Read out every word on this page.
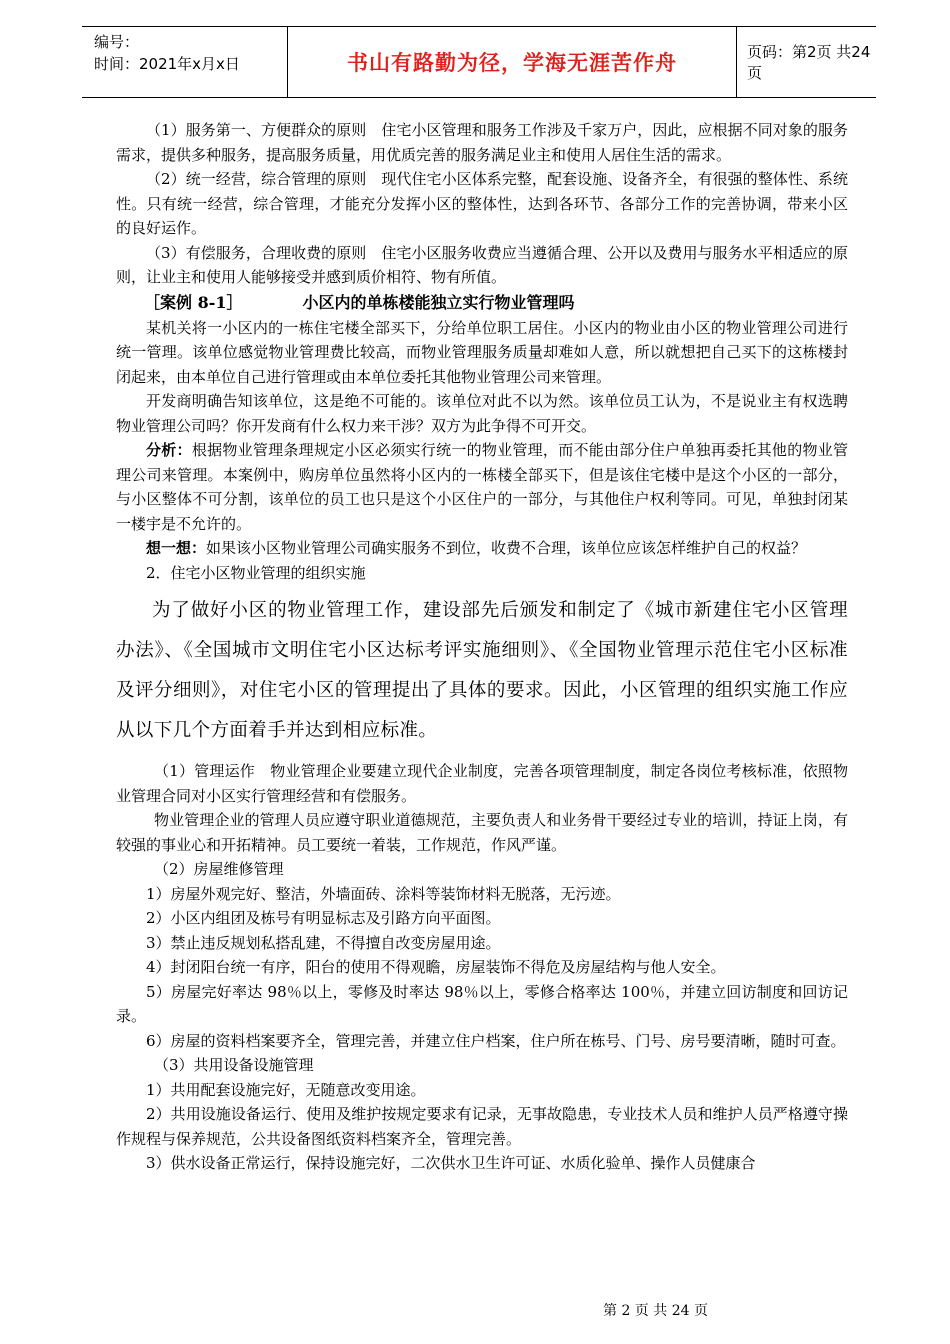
编号：
时间：2021年x月x日	书山有路勤为径，学海无涯苦作舟	页码：第2页 共24页

（1）服务第一、方便群众的原则　住宅小区管理和服务工作涉及千家万户，因此，应根据不同对象的服务需求，提供多种服务，提高服务质量，用优质完善的服务满足业主和使用人居住生活的需求。

（2）统一经营，综合管理的原则　现代住宅小区体系完整，配套设施、设备齐全，有很强的整体性、系统性。只有统一经营，综合管理，才能充分发挥小区的整体性，达到各环节、各部分工作的完善协调，带来小区的良好运作。

（3）有偿服务，合理收费的原则　住宅小区服务收费应当遵循合理、公开以及费用与服务水平相适应的原则，让业主和使用人能够接受并感到质价相符、物有所值。

［案例 8-1］	小区内的单栋楼能独立实行物业管理吗

某机关将一小区内的一栋住宅楼全部买下，分给单位职工居住。小区内的物业由小区的物业管理公司进行统一管理。该单位感觉物业管理费比较高，而物业管理服务质量却难如人意，所以就想把自己买下的这栋楼封闭起来，由本单位自己进行管理或由本单位委托其他物业管理公司来管理。

开发商明确告知该单位，这是绝不可能的。该单位对此不以为然。该单位员工认为，不是说业主有权选聘物业管理公司吗？你开发商有什么权力来干涉？双方为此争得不可开交。

分析：根据物业管理条理规定小区必须实行统一的物业管理，而不能由部分住户单独再委托其他的物业管理公司来管理。本案例中，购房单位虽然将小区内的一栋楼全部买下，但是该住宅楼中是这个小区的一部分，与小区整体不可分割，该单位的员工也只是这个小区住户的一部分，与其他住户权利等同。可见，单独封闭某一楼宇是不允许的。

想一想：如果该小区物业管理公司确实服务不到位，收费不合理，该单位应该怎样维护自己的权益？

2．住宅小区物业管理的组织实施

为了做好小区的物业管理工作，建设部先后颁发和制定了《城市新建住宅小区管理办法》、《全国城市文明住宅小区达标考评实施细则》、《全国物业管理示范住宅小区标准及评分细则》，对住宅小区的管理提出了具体的要求。因此，小区管理的组织实施工作应从以下几个方面着手并达到相应标准。

（1）管理运作　物业管理企业要建立现代企业制度，完善各项管理制度，制定各岗位考核标准，依照物业管理合同对小区实行管理经营和有偿服务。

物业管理企业的管理人员应遵守职业道德规范，主要负责人和业务骨干要经过专业的培训，持证上岗，有较强的事业心和开拓精神。员工要统一着装，工作规范，作风严谨。

（2）房屋维修管理

1）房屋外观完好、整洁，外墙面砖、涂料等装饰材料无脱落，无污迹。

2）小区内组团及栋号有明显标志及引路方向平面图。

3）禁止违反规划私搭乱建，不得擅自改变房屋用途。

4）封闭阳台统一有序，阳台的使用不得观瞻，房屋装饰不得危及房屋结构与他人安全。

5）房屋完好率达 98％以上，零修及时率达 98％以上，零修合格率达 100％，并建立回访制度和回访记录。

6）房屋的资料档案要齐全，管理完善，并建立住户档案，住户所在栋号、门号、房号要清晰，随时可查。

（3）共用设备设施管理

1）共用配套设施完好，无随意改变用途。

2）共用设施设备运行、使用及维护按规定要求有记录，无事故隐患，专业技术人员和维护人员严格遵守操作规程与保养规范，公共设备图纸资料档案齐全，管理完善。

3）供水设备正常运行，保持设施完好，二次供水卫生许可证、水质化验单、操作人员健康合

第 2 页 共 24 页
